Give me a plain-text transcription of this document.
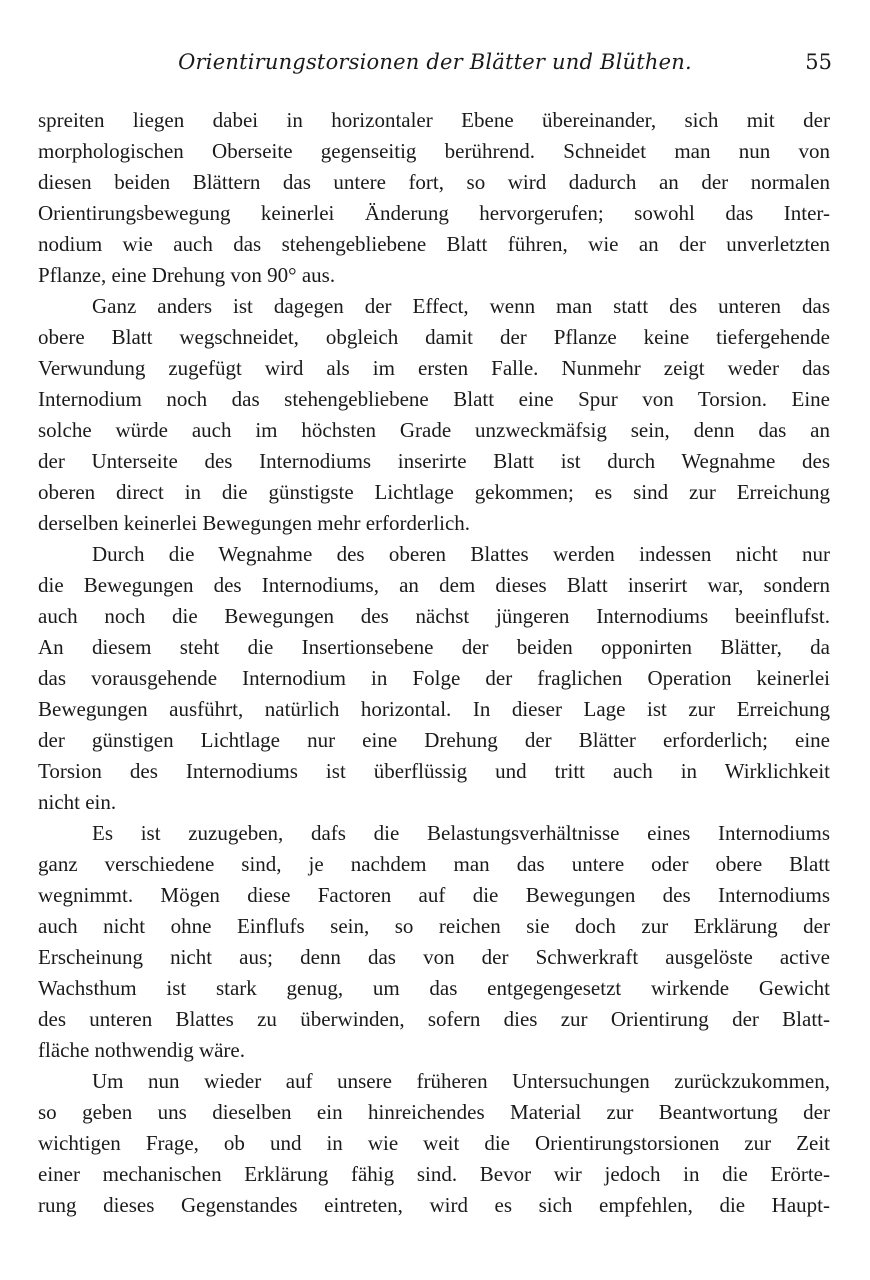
Orientirungstorsionen der Blätter und Blüthen.	55
spreiten liegen dabei in horizontaler Ebene übereinander, sich mit der
morphologischen Oberseite gegenseitig berührend. Schneidet man nun von
diesen beiden Blättern das untere fort, so wird dadurch an der normalen
Orientirungsbewegung keinerlei Änderung hervorgerufen; sowohl das Inter-
nodium wie auch das stehengebliebene Blatt führen, wie an der unverletzten
Pflanze, eine Drehung von 90° aus.
Ganz anders ist dagegen der Effect, wenn man statt des unteren das
obere Blatt wegschneidet, obgleich damit der Pflanze keine tiefergehende
Verwundung zugefügt wird als im ersten Falle. Nunmehr zeigt weder das
Internodium noch das stehengebliebene Blatt eine Spur von Torsion. Eine
solche würde auch im höchsten Grade unzweckmäfsig sein, denn das an
der Unterseite des Internodiums inserirte Blatt ist durch Wegnahme des
oberen direct in die günstigste Lichtlage gekommen; es sind zur Erreichung
derselben keinerlei Bewegungen mehr erforderlich.
Durch die Wegnahme des oberen Blattes werden indessen nicht nur
die Bewegungen des Internodiums, an dem dieses Blatt inserirt war, sondern
auch noch die Bewegungen des nächst jüngeren Internodiums beeinflufst.
An diesem steht die Insertionsebene der beiden opponirten Blätter, da
das vorausgehende Internodium in Folge der fraglichen Operation keinerlei
Bewegungen ausführt, natürlich horizontal. In dieser Lage ist zur Erreichung
der günstigen Lichtlage nur eine Drehung der Blätter erforderlich; eine
Torsion des Internodiums ist überflüssig und tritt auch in Wirklichkeit
nicht ein.
Es ist zuzugeben, dafs die Belastungsverhältnisse eines Internodiums
ganz verschiedene sind, je nachdem man das untere oder obere Blatt
wegnimmt. Mögen diese Factoren auf die Bewegungen des Internodiums
auch nicht ohne Einflufs sein, so reichen sie doch zur Erklärung der
Erscheinung nicht aus; denn das von der Schwerkraft ausgelöste active
Wachsthum ist stark genug, um das entgegengesetzt wirkende Gewicht
des unteren Blattes zu überwinden, sofern dies zur Orientirung der Blatt-
fläche nothwendig wäre.
Um nun wieder auf unsere früheren Untersuchungen zurückzukommen,
so geben uns dieselben ein hinreichendes Material zur Beantwortung der
wichtigen Frage, ob und in wie weit die Orientirungstorsionen zur Zeit
einer mechanischen Erklärung fähig sind. Bevor wir jedoch in die Erörte-
rung dieses Gegenstandes eintreten, wird es sich empfehlen, die Haupt-
